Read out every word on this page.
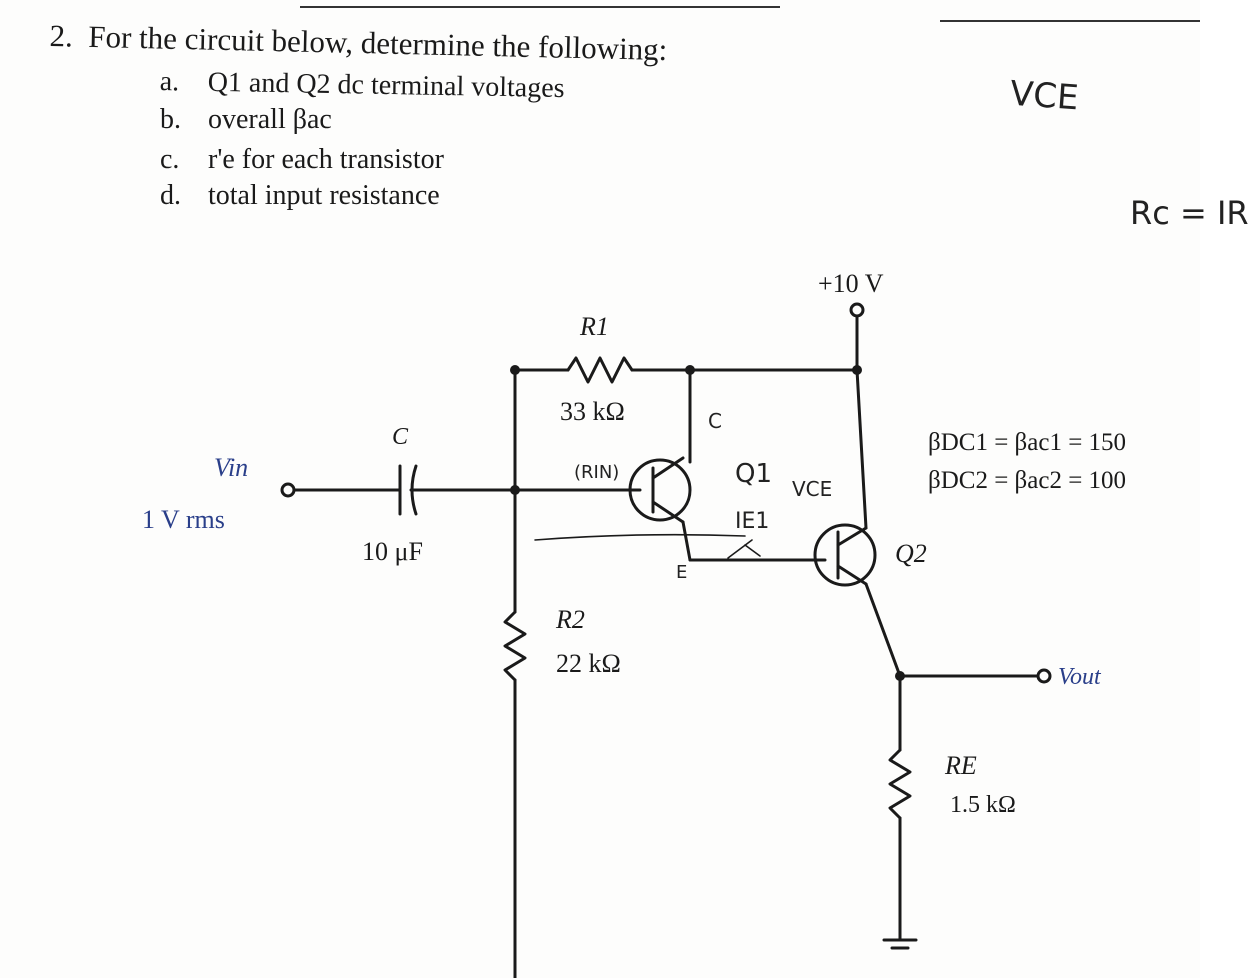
2. For the circuit below, determine the following:
a. Q1 and Q2 dc terminal voltages
b. overall βac
c. r'e for each transistor
d. total input resistance
VCE
Rc = IR
+10 V
R1
33 kΩ
C
10 μF
Vin
1 V rms
R2
22 kΩ
RE
1.5 kΩ
Vout
Q2
βDC1 = βac1 = 150
βDC2 = βac2 = 100
(RIN)
C
Q1 VCE
IE1
E
